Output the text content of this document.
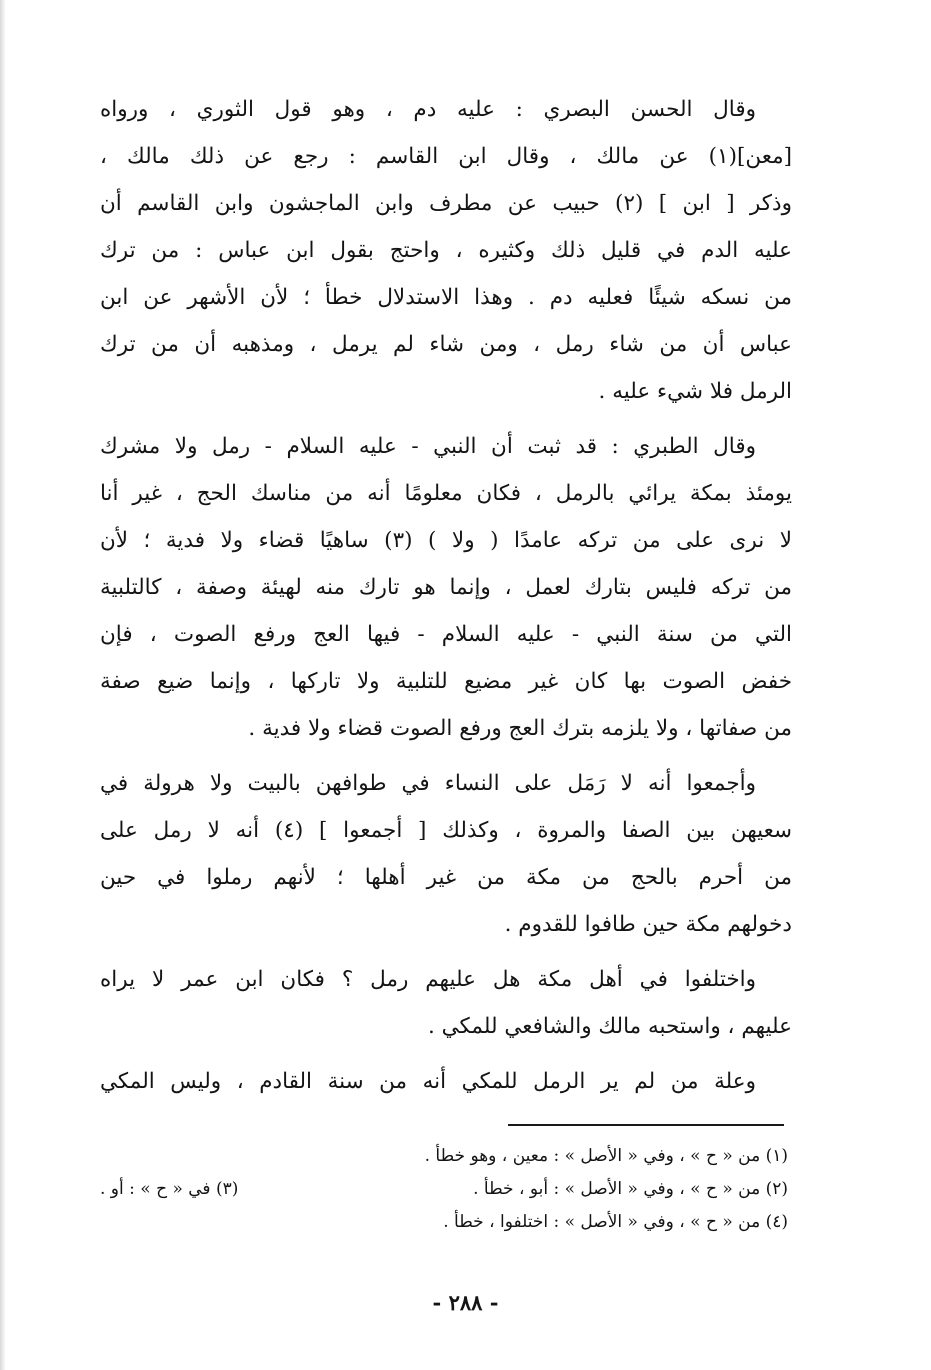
وقال الحسن البصري : عليه دم ، وهو قول الثوري ، ورواه
[معن](١) عن مالك ، وقال ابن القاسم : رجع عن ذلك مالك ،
وذكر [ ابن ] (٢) حبيب عن مطرف وابن الماجشون وابن القاسم أن
عليه الدم في قليل ذلك وكثيره ، واحتج بقول ابن عباس : من ترك
من نسكه شيئًا فعليه دم . وهذا الاستدلال خطأ ؛ لأن الأشهر عن ابن
عباس أن من شاء رمل ، ومن شاء لم يرمل ، ومذهبه أن من ترك
الرمل فلا شيء عليه .
وقال الطبري : قد ثبت أن النبي - عليه السلام - رمل ولا مشرك
يومئذ بمكة يرائي بالرمل ، فكان معلومًا أنه من مناسك الحج ، غير أنا
لا نرى على من تركه عامدًا ( ولا ) (٣) ساهيًا قضاء ولا فدية ؛ لأن
من تركه فليس بتارك لعمل ، وإنما هو تارك منه لهيئة وصفة ، كالتلبية
التي من سنة النبي - عليه السلام - فيها العج ورفع الصوت ، فإن
خفض الصوت بها كان غير مضيع للتلبية ولا تاركها ، وإنما ضيع صفة
من صفاتها ، ولا يلزمه بترك العج ورفع الصوت قضاء ولا فدية .
وأجمعوا أنه لا رَمَل على النساء في طوافهن بالبيت ولا هرولة في
سعيهن بين الصفا والمروة ، وكذلك [ أجمعوا ] (٤) أنه لا رمل على
من أحرم بالحج من مكة من غير أهلها ؛ لأنهم رملوا في حين
دخولهم مكة حين طافوا للقدوم .
واختلفوا في أهل مكة هل عليهم رمل ؟ فكان ابن عمر لا يراه
عليهم ، واستحبه مالك والشافعي للمكي .
وعلة من لم ير الرمل للمكي أنه من سنة القادم ، وليس المكي
(١) من « ح » ، وفي « الأصل » : معين ، وهو خطأ .
(٢) من « ح » ، وفي « الأصل » : أبو ، خطأ .
(٣) في « ح » : أو .
(٤) من « ح » ، وفي « الأصل » : اختلفوا ، خطأ .
- ٢٨٨ -
